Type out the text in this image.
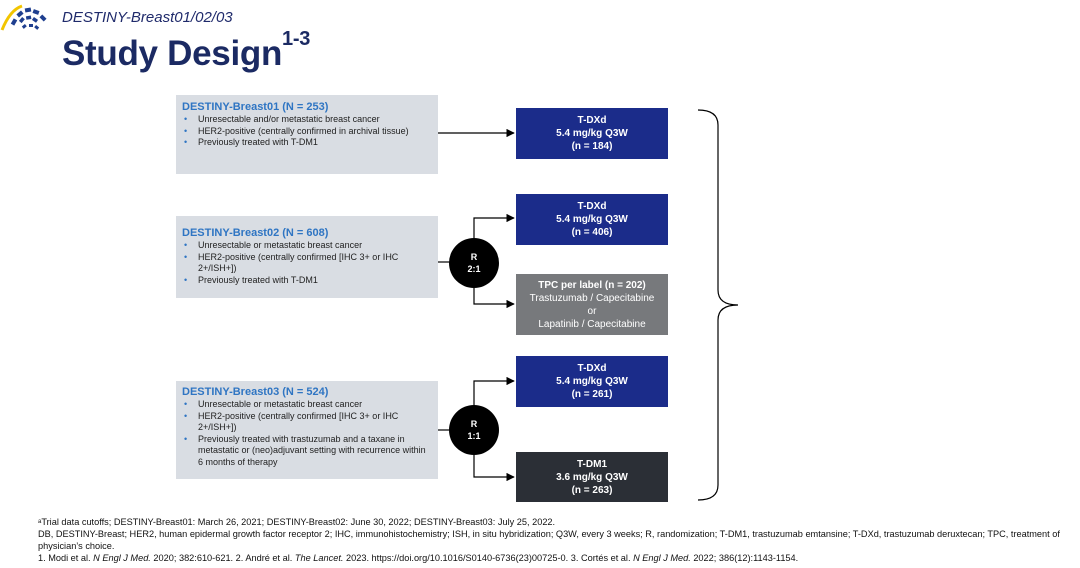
DESTINY-Breast01/02/03
Study Design$^{1-3}$
DESTINY-Breast01 (N = 253)
• Unresectable and/or metastatic breast cancer
• HER2-positive (centrally confirmed in archival tissue)
• Previously treated with T-DM1
DESTINY-Breast02 (N = 608)
• Unresectable or metastatic breast cancer
• HER2-positive (centrally confirmed [IHC 3+ or IHC 2+/ISH+])
• Previously treated with T-DM1
DESTINY-Breast03 (N = 524)
• Unresectable or metastatic breast cancer
• HER2-positive (centrally confirmed [IHC 3+ or IHC 2+/ISH+])
• Previously treated with trastuzumab and a taxane in metastatic or (neo)adjuvant setting with recurrence within 6 months of therapy
R
2:1
R
1:1
T-DXd
5.4 mg/kg Q3W
(n = 184)
T-DXd
5.4 mg/kg Q3W
(n = 406)
TPC per label (n = 202)
Trastuzumab / Capecitabine
or
Lapatinib / Capecitabine
T-DXd
5.4 mg/kg Q3W
(n = 261)
T-DM1
3.6 mg/kg Q3W
(n = 263)
$^a$Trial data cutoffs; DESTINY-Breast01: March 26, 2021; DESTINY-Breast02: June 30, 2022; DESTINY-Breast03: July 25, 2022.
DB, DESTINY-Breast; HER2, human epidermal growth factor receptor 2; IHC, immunohistochemistry; ISH, in situ hybridization; Q3W, every 3 weeks; R, randomization; T-DM1, trastuzumab emtansine; T-DXd, trastuzumab deruxtecan; TPC, treatment of physician’s choice.
1. Modi et al. N Engl J Med. 2020; 382:610-621. 2. André et al. The Lancet. 2023. https://doi.org/10.1016/S0140-6736(23)00725-0. 3. Cortés et al. N Engl J Med. 2022; 386(12):1143-1154.
